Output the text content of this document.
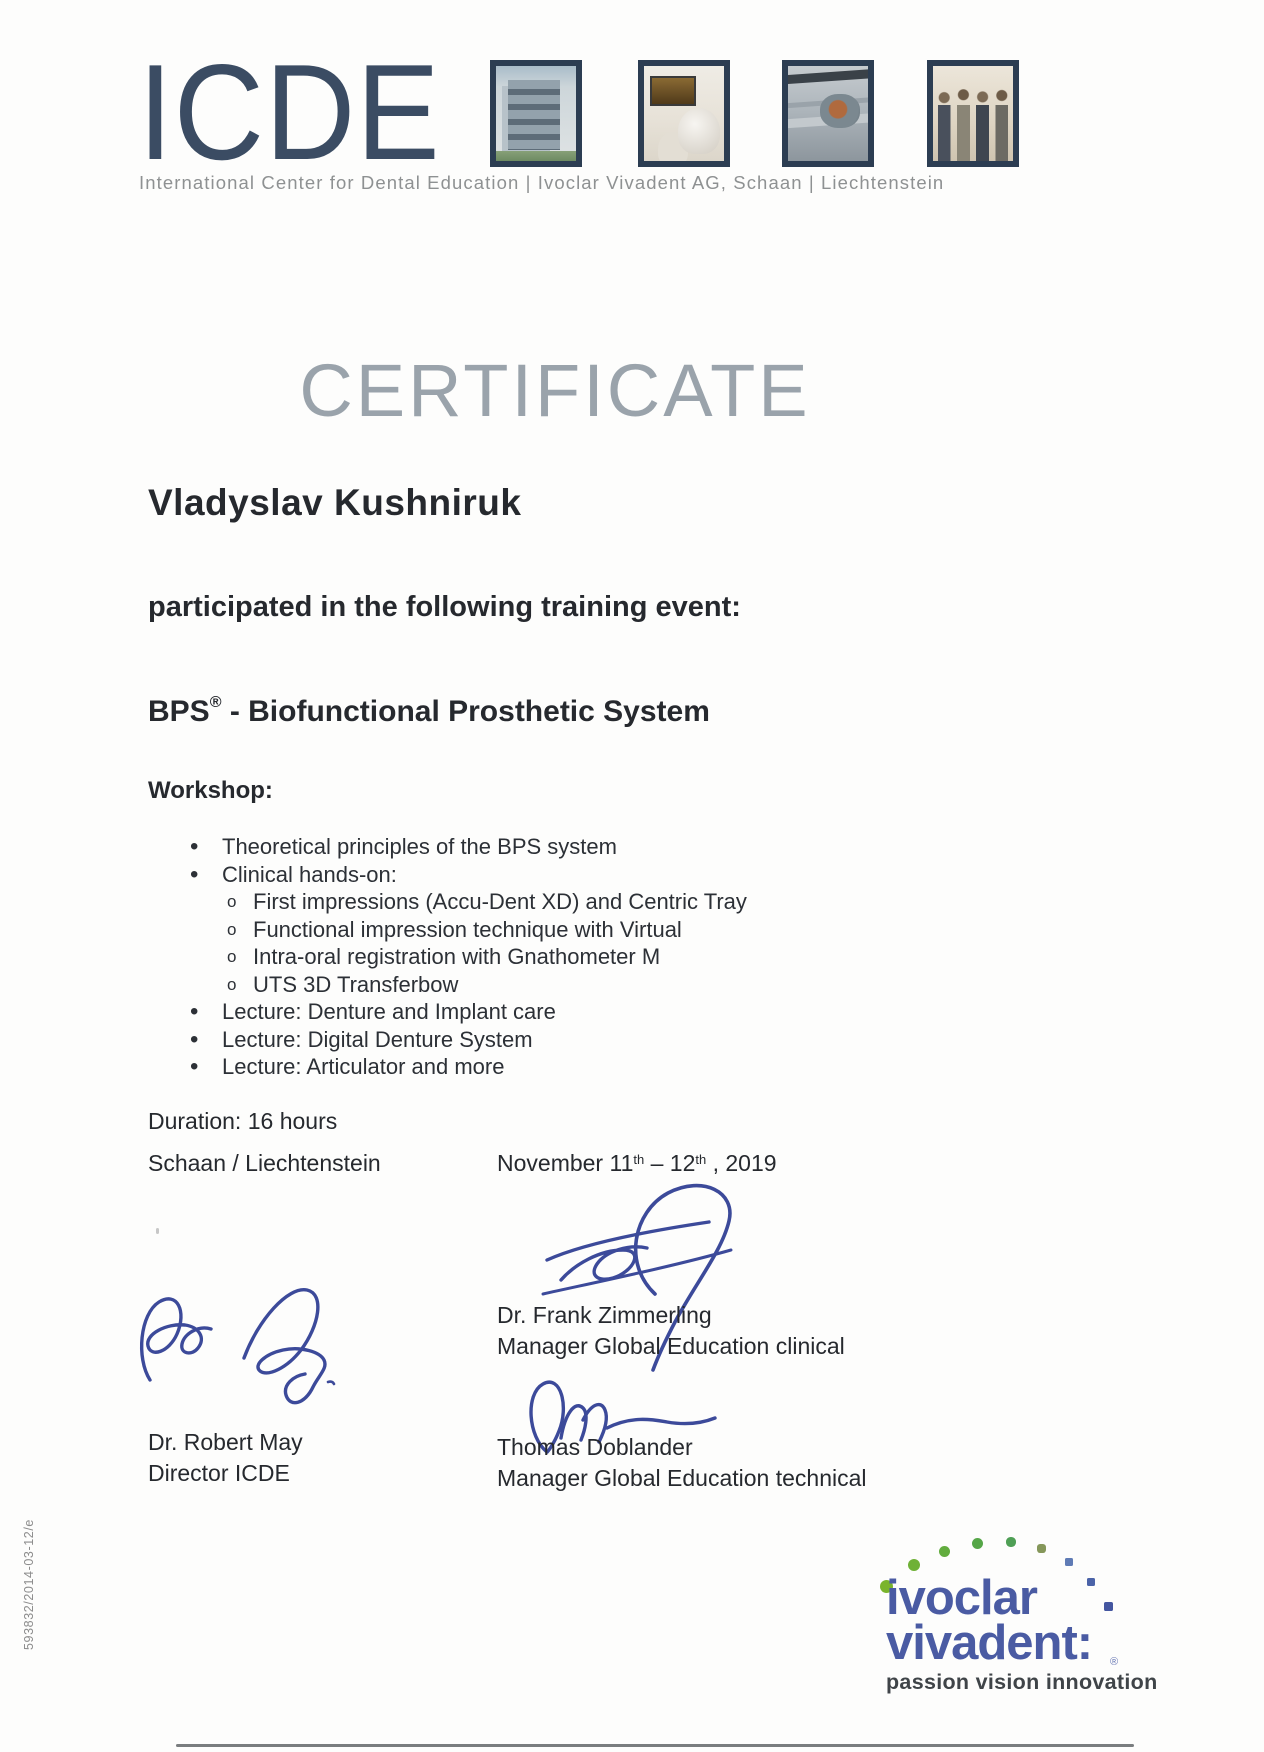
ICDE
International Center for Dental Education | Ivoclar Vivadent AG, Schaan | Liechtenstein
CERTIFICATE
Vladyslav Kushniruk
participated in the following training event:
BPS® - Biofunctional Prosthetic System
Workshop:
• Theoretical principles of the BPS system
• Clinical hands-on:
o First impressions (Accu-Dent XD) and Centric Tray
o Functional impression technique with Virtual
o Intra-oral registration with Gnathometer M
o UTS 3D Transferbow
• Lecture: Denture and Implant care
• Lecture: Digital Denture System
• Lecture: Articulator and more
Duration: 16 hours
Schaan / Liechtenstein	November 11th – 12th , 2019
Dr. Robert May
Director ICDE
Dr. Frank Zimmerling
Manager Global Education clinical
Thomas Doblander
Manager Global Education technical
ivoclar
vivadent: ®
passion vision innovation
593832/2014-03-12/e
